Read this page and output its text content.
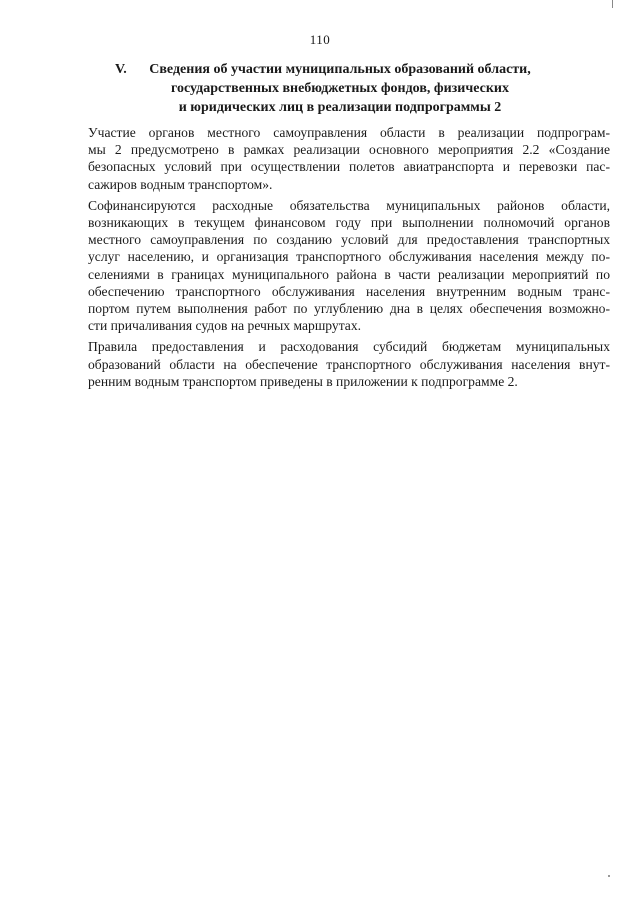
110
V.	Сведения об участии муниципальных образований области,
государственных внебюджетных фондов, физических
и юридических лиц в реализации подпрограммы 2
Участие органов местного самоуправления области в реализации подпрограм-
мы 2 предусмотрено в рамках реализации основного мероприятия 2.2 «Создание
безопасных условий при осуществлении полетов авиатранспорта и перевозки пас-
сажиров водным транспортом».
Софинансируются расходные обязательства муниципальных районов области,
возникающих в текущем финансовом году при выполнении полномочий органов
местного самоуправления по созданию условий для предоставления транспортных
услуг населению, и организация транспортного обслуживания населения между по-
селениями в границах муниципального района в части реализации мероприятий по
обеспечению транспортного обслуживания населения внутренним водным транс-
портом путем выполнения работ по углублению дна в целях обеспечения возможно-
сти причаливания судов на речных маршрутах.
Правила предоставления и расходования субсидий бюджетам муниципальных
образований области на обеспечение транспортного обслуживания населения внут-
ренним водным транспортом приведены в приложении к подпрограмме 2.
